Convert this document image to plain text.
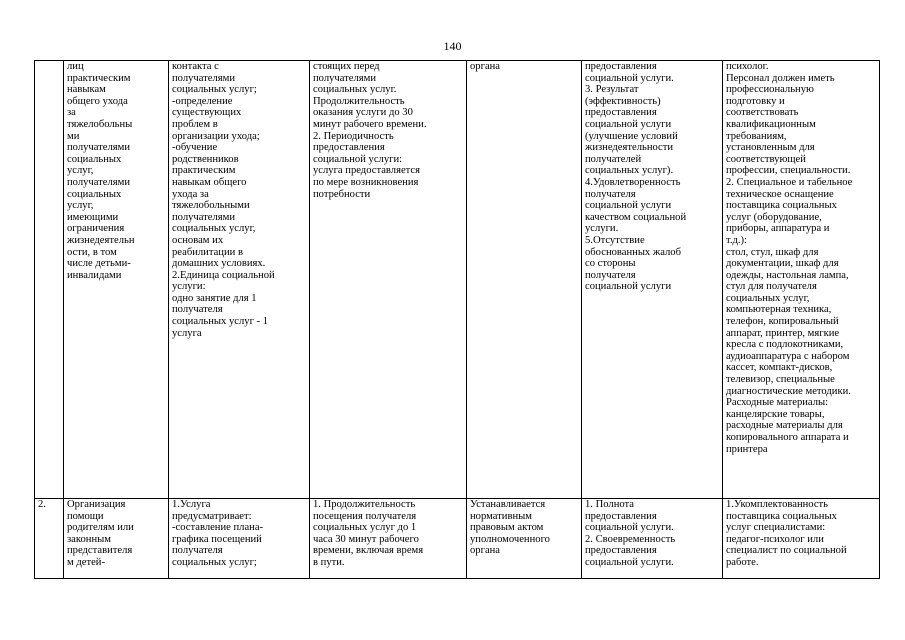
140
	лиц
практическим
навыкам
общего ухода
за
тяжелобольны
ми
получателями
социальных
услуг,
получателями
социальных
услуг,
имеющими
ограничения
жизнедеятельн
ости, в том
числе детьми-
инвалидами	контакта с
получателями
социальных услуг;
-определение
существующих
проблем в
организации ухода;
-обучение
родственников
практическим
навыкам общего
ухода за
тяжелобольными
получателями
социальных услуг,
основам их
реабилитации в
домашних условиях.
2.Единица социальной
услуги:
одно занятие для 1
получателя
социальных услуг - 1
услуга	стоящих перед
получателями
социальных услуг.
Продолжительность
оказания услуги до 30
минут рабочего времени.
2. Периодичность
предоставления
социальной услуги:
услуга предоставляется
по мере возникновения
потребности	органа	предоставления
социальной услуги.
3. Результат
(эффективность)
предоставления
социальной услуги
(улучшение условий
жизнедеятельности
получателей
социальных услуг).
4.Удовлетворенность
получателя
социальной услуги
качеством социальной
услуги.
5.Отсутствие
обоснованных жалоб
со стороны
получателя
социальной услуги	психолог.
Персонал должен иметь
профессиональную
подготовку и
соответствовать
квалификационным
требованиям,
установленным для
соответствующей
профессии, специальности.
2. Специальное и табельное
техническое оснащение
поставщика социальных
услуг (оборудование,
приборы, аппаратура и
т.д.):
стол, стул, шкаф для
документации, шкаф для
одежды, настольная лампа,
стул для получателя
социальных услуг,
компьютерная техника,
телефон, копировальный
аппарат, принтер, мягкие
кресла с подлокотниками,
аудиоаппаратура с набором
кассет, компакт-дисков,
телевизор, специальные
диагностические методики.
Расходные материалы:
канцелярские товары,
расходные материалы для
копировального аппарата и
принтера
2.	Организация
помощи
родителям или
законным
представителя
м детей-	1.Услуга
предусматривает:
-составление плана-
графика посещений
получателя
социальных услуг;	1. Продолжительность
посещения получателя
социальных услуг до 1
часа 30 минут рабочего
времени, включая время
в пути.	Устанавливается
нормативным
правовым актом
уполномоченного
органа	1. Полнота
предоставления
социальной услуги.
2. Своевременность
предоставления
социальной услуги.	1.Укомплектованность
поставщика социальных
услуг специалистами:
педагог-психолог или
специалист по социальной
работе.
